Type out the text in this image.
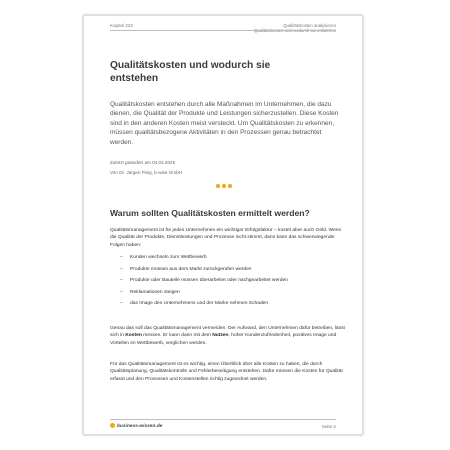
Kapitel 222	Qualitätskosten analysieren
Qualitätskosten und wodurch sie entstehen
Qualitätskosten und wodurch sie entstehen
Qualitätskosten entstehen durch alle Maßnahmen im Unternehmen, die dazu dienen, die Qualität der Produkte und Leistungen sicherzustellen. Diese Kosten sind in den anderen Kosten meist versteckt. Um Qualitätskosten zu erkennen, müssen qualitätsbezogene Aktivitäten in den Prozessen genau betrachtet werden.
Zuletzt geändert am 04.04.2025
Von Dr. Jürgen Fleig, b-wise GmbH
Warum sollten Qualitätskosten ermittelt werden?
Qualitätsmanagement ist für jedes Unternehmen ein wichtiger Erfolgsfaktor – kostet aber auch Geld. Wenn die Qualität der Produkte, Dienstleistungen und Prozesse nicht stimmt, dann kann das schwerwiegende Folgen haben:
– Kunden wechseln zum Wettbewerb
– Produkte müssen aus dem Markt zurückgerufen werden
– Produkte oder Bauteile müssen überarbeitet oder nachgearbeitet werden
– Reklamationen steigen
– das Image des Unternehmens und der Marke nehmen Schaden
Genau das soll das Qualitätsmanagement vermeiden. Der Aufwand, den Unternehmen dafür betreiben, lässt sich in Kosten messen. Er kann dann mit dem Nutzen, hoher Kundenzufriedenheit, positives Image und Vorteilen im Wettbewerb, verglichen werden.
Für das Qualitätsmanagement ist es wichtig, einen Überblick über alle Kosten zu haben, die durch Qualitätsplanung, Qualitätskontrolle und Fehlerbeseitigung entstehen. Dafür müssen die Kosten für Qualität erfasst und den Prozessen und Kostenstellen richtig zugeordnet werden.
business-wissen.de	Seite 2
